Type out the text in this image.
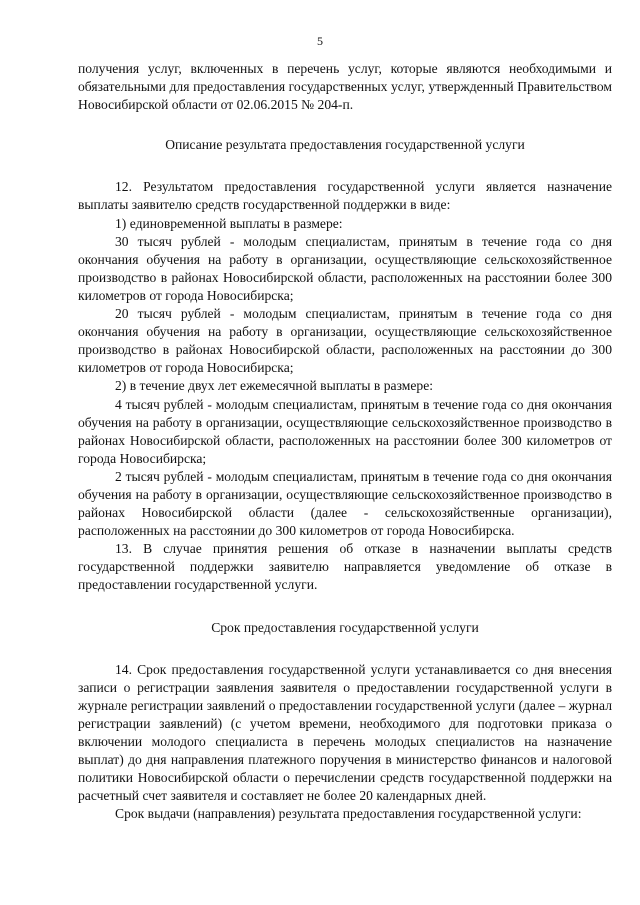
5

получения услуг, включенных в перечень услуг, которые являются необходимыми и обязательными для предоставления государственных услуг, утвержденный Правительством Новосибирской области от 02.06.2015 № 204-п.

Описание результата предоставления государственной услуги

12. Результатом предоставления государственной услуги является назначение выплаты заявителю средств государственной поддержки в виде:

1) единовременной выплаты в размере:

30 тысяч рублей - молодым специалистам, принятым в течение года со дня окончания обучения на работу в организации, осуществляющие сельскохозяйственное производство в районах Новосибирской области, расположенных на расстоянии более 300 километров от города Новосибирска;

20 тысяч рублей - молодым специалистам, принятым в течение года со дня окончания обучения на работу в организации, осуществляющие сельскохозяйственное производство в районах Новосибирской области, расположенных на расстоянии до 300 километров от города Новосибирска;

2) в течение двух лет ежемесячной выплаты в размере:

4 тысяч рублей - молодым специалистам, принятым в течение года со дня окончания обучения на работу в организации, осуществляющие сельскохозяйственное производство в районах Новосибирской области, расположенных на расстоянии более 300 километров от города Новосибирска;

2 тысяч рублей - молодым специалистам, принятым в течение года со дня окончания обучения на работу в организации, осуществляющие сельскохозяйственное производство в районах Новосибирской области (далее - сельскохозяйственные организации), расположенных на расстоянии до 300 километров от города Новосибирска.

13. В случае принятия решения об отказе в назначении выплаты средств государственной поддержки заявителю направляется уведомление об отказе в предоставлении государственной услуги.

Срок предоставления государственной услуги

14. Срок предоставления государственной услуги устанавливается со дня внесения записи о регистрации заявления заявителя о предоставлении государственной услуги в журнале регистрации заявлений о предоставлении государственной услуги (далее – журнал регистрации заявлений) (с учетом времени, необходимого для подготовки приказа о включении молодого специалиста в перечень молодых специалистов на назначение выплат) до дня направления платежного поручения в министерство финансов и налоговой политики Новосибирской области о перечислении средств государственной поддержки на расчетный счет заявителя и составляет не более 20 календарных дней.

Срок выдачи (направления) результата предоставления государственной услуги:
